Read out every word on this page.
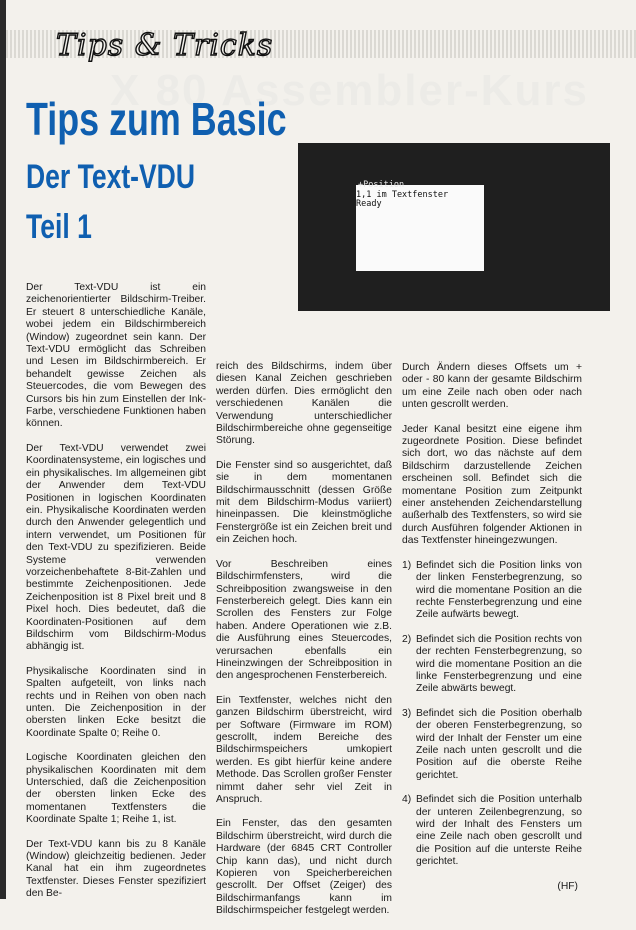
X 80 Assembler-Kurs
Tips & Tricks
Tips zum Basic
Der Text-VDU
Teil 1
+Position
1,1 im Textfenster
Ready

Der Text-VDU ist ein zeichenorientierter Bildschirm-Treiber. Er steuert 8 unterschiedliche Kanäle, wobei jedem ein Bildschirmbereich (Window) zugeordnet sein kann. Der Text-VDU ermöglicht das Schreiben und Lesen im Bildschirmbereich. Er behandelt gewisse Zeichen als Steuercodes, die vom Bewegen des Cursors bis hin zum Einstellen der Ink-Farbe, verschiedene Funktionen haben können.

Der Text-VDU verwendet zwei Koordinatensysteme, ein logisches und ein physikalisches. Im allgemeinen gibt der Anwender dem Text-VDU Positionen in logischen Koordinaten ein. Physikalische Koordinaten werden durch den Anwender gelegentlich und intern verwendet, um Positionen für den Text-VDU zu spezifizieren. Beide Systeme verwenden vorzeichenbehaftete 8-Bit-Zahlen und bestimmte Zeichenpositionen. Jede Zeichenposition ist 8 Pixel breit und 8 Pixel hoch. Dies bedeutet, daß die Koordinaten-Positionen auf dem Bildschirm vom Bildschirm-Modus abhängig ist.

Physikalische Koordinaten sind in Spalten aufgeteilt, von links nach rechts und in Reihen von oben nach unten. Die Zeichenposition in der obersten linken Ecke besitzt die Koordinate Spalte 0; Reihe 0.

Logische Koordinaten gleichen den physikalischen Koordinaten mit dem Unterschied, daß die Zeichenposition der obersten linken Ecke des momentanen Textfensters die Koordinate Spalte 1; Reihe 1, ist.

Der Text-VDU kann bis zu 8 Kanäle (Window) gleichzeitig bedienen. Jeder Kanal hat ein ihm zugeordnetes Textfenster. Dieses Fenster spezifiziert den Be-

reich des Bildschirms, indem über diesen Kanal Zeichen geschrieben werden dürfen. Dies ermöglicht den verschiedenen Kanälen die Verwendung unterschiedlicher Bildschirmbereiche ohne gegenseitige Störung.

Die Fenster sind so ausgerichtet, daß sie in dem momentanen Bildschirmausschnitt (dessen Größe mit dem Bildschirm-Modus variiert) hineinpassen. Die kleinstmögliche Fenstergröße ist ein Zeichen breit und ein Zeichen hoch.

Vor Beschreiben eines Bildschirmfensters, wird die Schreibposition zwangsweise in den Fensterbereich gelegt. Dies kann ein Scrollen des Fensters zur Folge haben. Andere Operationen wie z.B. die Ausführung eines Steuercodes, verursachen ebenfalls ein Hineinzwingen der Schreibposition in den angesprochenen Fensterbereich.

Ein Textfenster, welches nicht den ganzen Bildschirm überstreicht, wird per Software (Firmware im ROM) gescrollt, indem Bereiche des Bildschirmspeichers umkopiert werden. Es gibt hierfür keine andere Methode. Das Scrollen großer Fenster nimmt daher sehr viel Zeit in Anspruch.

Ein Fenster, das den gesamten Bildschirm überstreicht, wird durch die Hardware (der 6845 CRT Controller Chip kann das), und nicht durch Kopieren von Speicherbereichen gescrollt. Der Offset (Zeiger) des Bildschirmanfangs kann im Bildschirmspeicher festgelegt werden.

Durch Ändern dieses Offsets um + oder - 80 kann der gesamte Bildschirm um eine Zeile nach oben oder nach unten gescrollt werden.

Jeder Kanal besitzt eine eigene ihm zugeordnete Position. Diese befindet sich dort, wo das nächste auf dem Bildschirm darzustellende Zeichen erscheinen soll. Befindet sich die momentane Position zum Zeitpunkt einer anstehenden Zeichendarstellung außerhalb des Textfensters, so wird sie durch Ausführen folgender Aktionen in das Textfenster hineingezwungen.

1) Befindet sich die Position links von der linken Fensterbegrenzung, so wird die momentane Position an die rechte Fensterbegrenzung und eine Zeile aufwärts bewegt.
2) Befindet sich die Position rechts von der rechten Fensterbegrenzung, so wird die momentane Position an die linke Fensterbegrenzung und eine Zeile abwärts bewegt.
3) Befindet sich die Position oberhalb der oberen Fensterbegrenzung, so wird der Inhalt der Fenster um eine Zeile nach unten gescrollt und die Position auf die oberste Reihe gerichtet.
4) Befindet sich die Position unterhalb der unteren Zeilenbegrenzung, so wird der Inhalt des Fensters um eine Zeile nach oben gescrollt und die Position auf die unterste Reihe gerichtet.
(HF)
